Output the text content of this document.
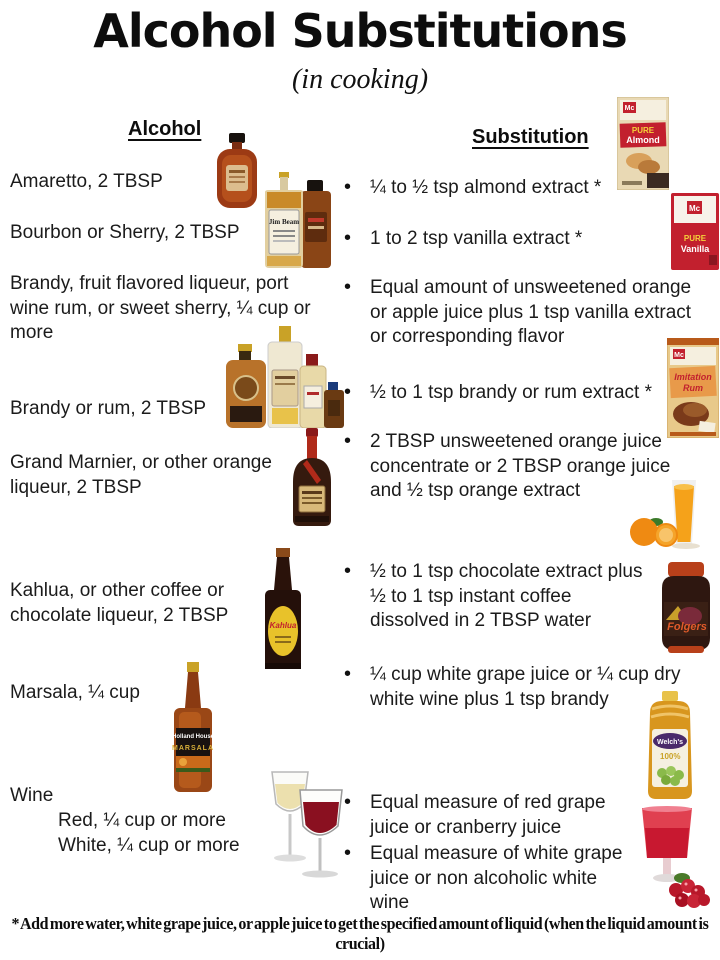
Alcohol Substitutions
(in cooking)
Alcohol	Substitution
Amaretto, 2 TBSP
Bourbon or Sherry, 2 TBSP
Brandy, fruit flavored liqueur, port wine rum, or sweet sherry, ¼ cup or more
Brandy or rum, 2 TBSP
Grand Marnier, or other orange liqueur, 2 TBSP
Kahlua, or other coffee or chocolate liqueur, 2 TBSP
Marsala, ¼ cup
Wine
Red, ¼ cup or more
White, ¼ cup or more
• ¼ to ½ tsp almond extract *
• 1 to 2 tsp vanilla extract *
• Equal amount of unsweetened orange or apple juice plus 1 tsp vanilla extract or corresponding flavor
• ½ to 1 tsp brandy or rum extract *
• 2 TBSP unsweetened orange juice concentrate or 2 TBSP orange juice and ½ tsp orange extract
• ½ to 1 tsp chocolate extract plus ½ to 1 tsp instant coffee dissolved in 2 TBSP water
• ¼ cup white grape juice or ¼ cup dry white wine plus 1 tsp brandy
• Equal measure of red grape juice or cranberry juice
• Equal measure of white grape juice or non alcoholic white wine
Jim Beam
Mc
PURE
Almond
Mc
PURE
Vanilla
Mc
Imitation
Rum
Kahlua	Folgers
Holland House
MARSALA
Welch's
100%
* Add more water, white grape juice, or apple juice to get the specified amount of liquid (when the liquid amount is crucial)
